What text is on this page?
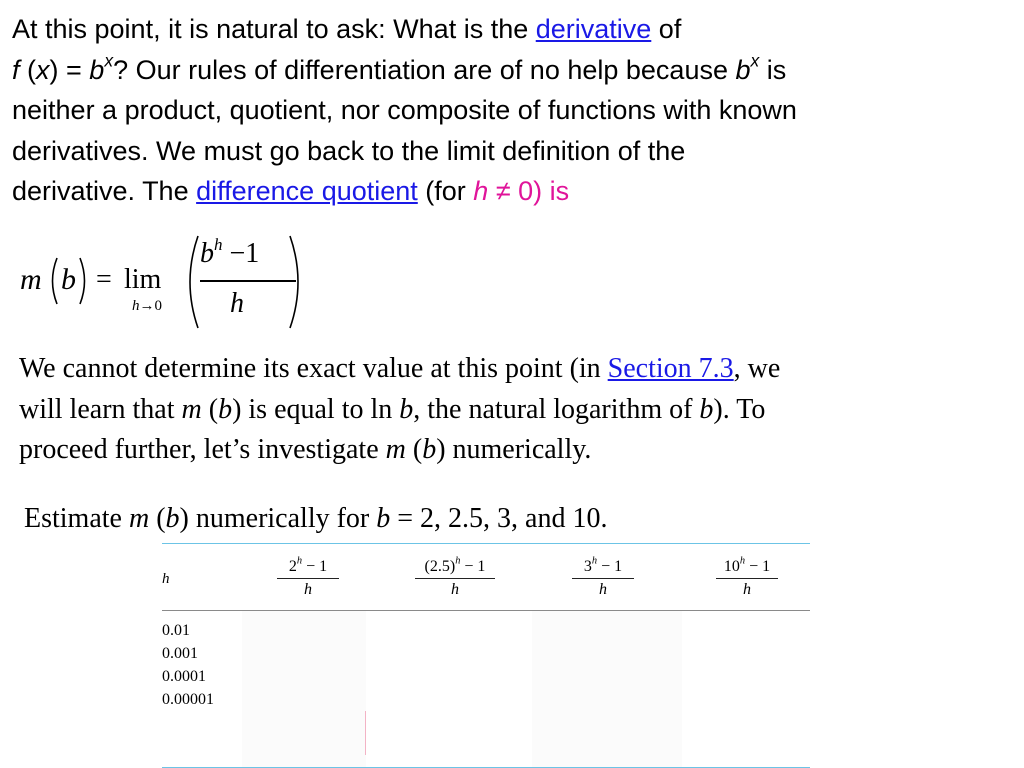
At this point, it is natural to ask: What is the derivative of
f $(x) = b^x$? Our rules of differentiation are of no help because $b^x$ is
neither a product, quotient, nor composite of functions with known
derivatives. We must go back to the limit definition of the
derivative. The difference quotient (for h ≠ 0) is
m b = lim
h→0
$b^h -1$
h
We cannot determine its exact value at this point (in Section 7.3, we
will learn that m (b) is equal to ln b, the natural logarithm of b). To
proceed further, let’s investigate m (b) numerically.
Estimate m (b) numerically for b = 2, 2.5, 3, and 10.
h
$2^h - 1$
h
$(2.5)^h - 1$
h
$3^h - 1$
h
$10^h - 1$
h
0.01
0.001
0.0001
0.00001
